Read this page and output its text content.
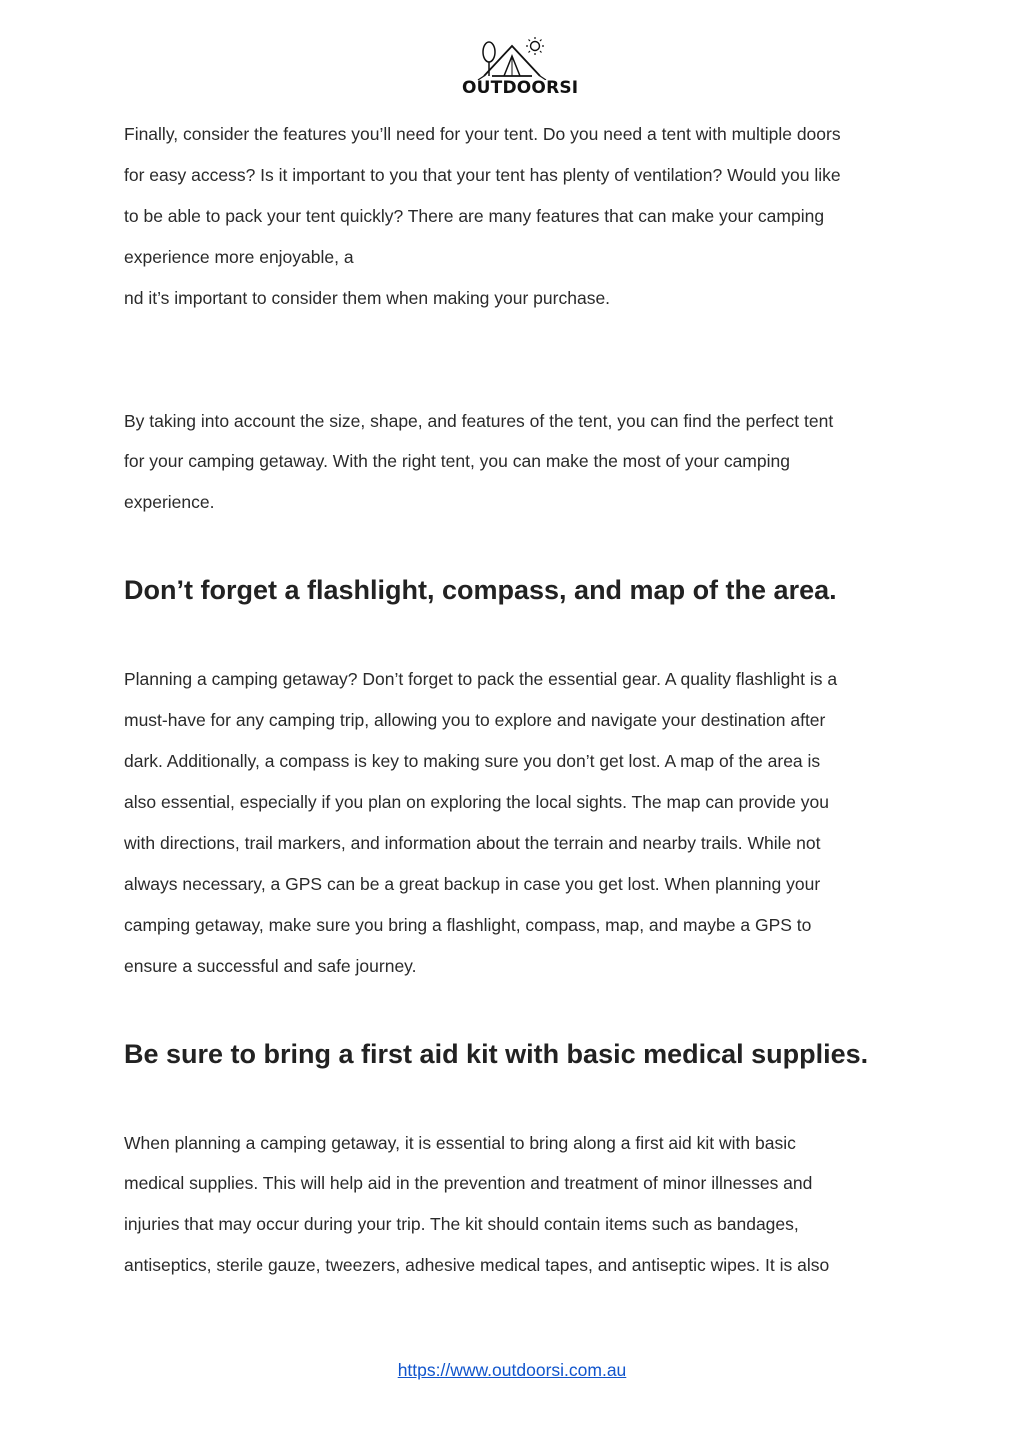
OUTDOORSI

Finally, consider the features you’ll need for your tent. Do you need a tent with multiple doors
for easy access? Is it important to you that your tent has plenty of ventilation? Would you like
to be able to pack your tent quickly? There are many features that can make your camping
experience more enjoyable, a
nd it’s important to consider them when making your purchase.

By taking into account the size, shape, and features of the tent, you can find the perfect tent
for your camping getaway. With the right tent, you can make the most of your camping
experience.

Don’t forget a flashlight, compass, and map of the area.

Planning a camping getaway? Don’t forget to pack the essential gear. A quality flashlight is a
must-have for any camping trip, allowing you to explore and navigate your destination after
dark. Additionally, a compass is key to making sure you don’t get lost. A map of the area is
also essential, especially if you plan on exploring the local sights. The map can provide you
with directions, trail markers, and information about the terrain and nearby trails. While not
always necessary, a GPS can be a great backup in case you get lost. When planning your
camping getaway, make sure you bring a flashlight, compass, map, and maybe a GPS to
ensure a successful and safe journey.

Be sure to bring a first aid kit with basic medical supplies.

When planning a camping getaway, it is essential to bring along a first aid kit with basic
medical supplies. This will help aid in the prevention and treatment of minor illnesses and
injuries that may occur during your trip. The kit should contain items such as bandages,
antiseptics, sterile gauze, tweezers, adhesive medical tapes, and antiseptic wipes. It is also

https://www.outdoorsi.com.au
